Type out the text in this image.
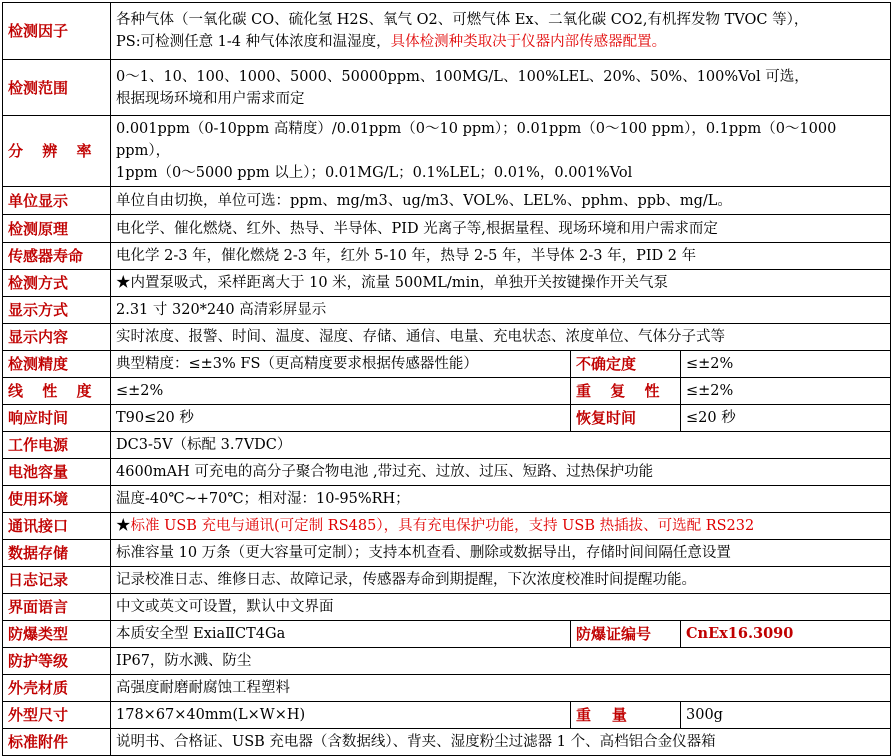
检测因子	各种气体（一氧化碳 CO、硫化氢 H2S、氧气 O2、可燃气体 Ex、二氧化碳 CO2,有机挥发物 TVOC 等），
PS:可检测任意 1-4 种气体浓度和温湿度，具体检测种类取决于仪器内部传感器配置。		
检测范围	0～1、10、100、1000、5000、50000ppm、100MG/L、100%LEL、20%、50%、100%Vol 可选，
根据现场环境和用户需求而定		
分 辨 率	0.001ppm（0-10ppm 高精度）/0.01ppm（0～10 ppm）；0.01ppm（0～100 ppm），0.1ppm（0～1000 ppm），
1ppm（0～5000 ppm 以上）；0.01MG/L；0.1%LEL；0.01%，0.001%Vol		
单位显示	单位自由切换，单位可选：ppm、mg/m3、ug/m3、VOL%、LEL%、pphm、ppb、mg/L。		
检测原理	电化学、催化燃烧、红外、热导、半导体、PID 光离子等,根据量程、现场环境和用户需求而定		
传感器寿命	电化学 2-3 年，催化燃烧 2-3 年，红外 5-10 年，热导 2-5 年，半导体 2-3 年，PID 2 年		
检测方式	★内置泵吸式，采样距离大于 10 米，流量 500ML/min，单独开关按键操作开关气泵		
显示方式	2.31 寸 320*240 高清彩屏显示		
显示内容	实时浓度、报警、时间、温度、湿度、存储、通信、电量、充电状态、浓度单位、气体分子式等		
检测精度	典型精度：≤±3% FS（更高精度要求根据传感器性能）	不确定度	≤±2%
线 性 度	≤±2%	重 复 性	≤±2%
响应时间	T90≤20 秒	恢复时间	≤20 秒
工作电源	DC3-5V（标配 3.7VDC）		
电池容量	4600mAH 可充电的高分子聚合物电池 ,带过充、过放、过压、短路、过热保护功能		
使用环境	温度-40℃~+70℃；相对湿：10-95%RH；		
通讯接口	★标准 USB 充电与通讯(可定制 RS485），具有充电保护功能，支持 USB 热插拔、可选配 RS232		
数据存储	标准容量 10 万条（更大容量可定制）；支持本机查看、删除或数据导出，存储时间间隔任意设置		
日志记录	记录校准日志、维修日志、故障记录，传感器寿命到期提醒，下次浓度校准时间提醒功能。		
界面语言	中文或英文可设置，默认中文界面		
防爆类型	本质安全型 ExiaⅡCT4Ga	防爆证编号	CnEx16.3090
防护等级	IP67，防水溅、防尘		
外壳材质	高强度耐磨耐腐蚀工程塑料		
外型尺寸	178×67×40mm(L×W×H)	重    量	300g
标准附件	说明书、合格证、USB 充电器（含数据线）、背夹、湿度粉尘过滤器 1 个、高档铝合金仪器箱		
